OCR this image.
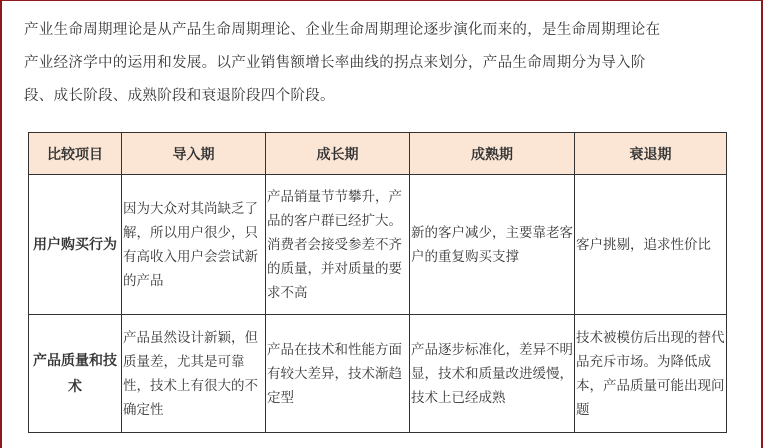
产业生命周期理论是从产品生命周期理论、企业生命周期理论逐步演化而来的，是生命周期理论在

产业经济学中的运用和发展。以产业销售额增长率曲线的拐点来划分，产品生命周期分为导入阶

段、成长阶段、成熟阶段和衰退阶段四个阶段。

比较项目	导入期	成长期	成熟期	衰退期
用户购买行为	因为大众对其尚缺乏了解，所以用户很少，只有高收入用户会尝试新的产品	产品销量节节攀升，产品的客户群已经扩大。消费者会接受参差不齐的质量，并对质量的要求不高	新的客户减少，主要靠老客户的重复购买支撑	客户挑剔，追求性价比

产品质量和技术	产品虽然设计新颖，但质量差，尤其是可靠性，技术上有很大的不确定性	产品在技术和性能方面有较大差异，技术渐趋定型	产品逐步标准化，差异不明显，技术和质量改进缓慢，技术上已经成熟	技术被模仿后出现的替代品充斥市场。为降低成本，产品质量可能出现问题
